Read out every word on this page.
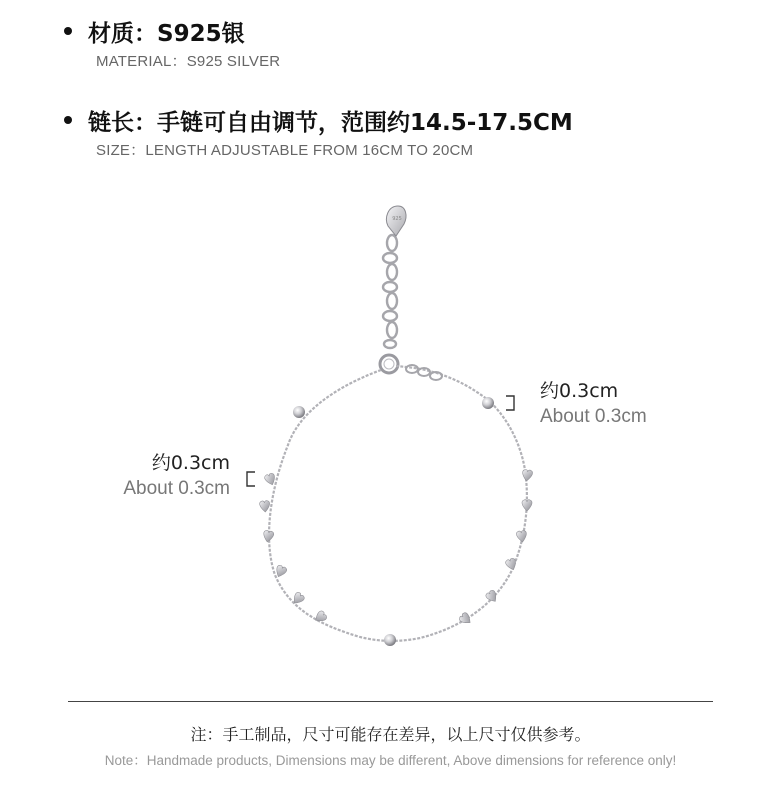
材质：S925银
MATERIAL：S925 SILVER
链长：手链可自由调节，范围约14.5-17.5CM
SIZE：LENGTH ADJUSTABLE FROM 16CM TO 20CM
925
约0.3cm
About 0.3cm
约0.3cm
About 0.3cm
注：手工制品，尺寸可能存在差异，以上尺寸仅供参考。
Note：Handmade products, Dimensions may be different, Above dimensions for reference only!
